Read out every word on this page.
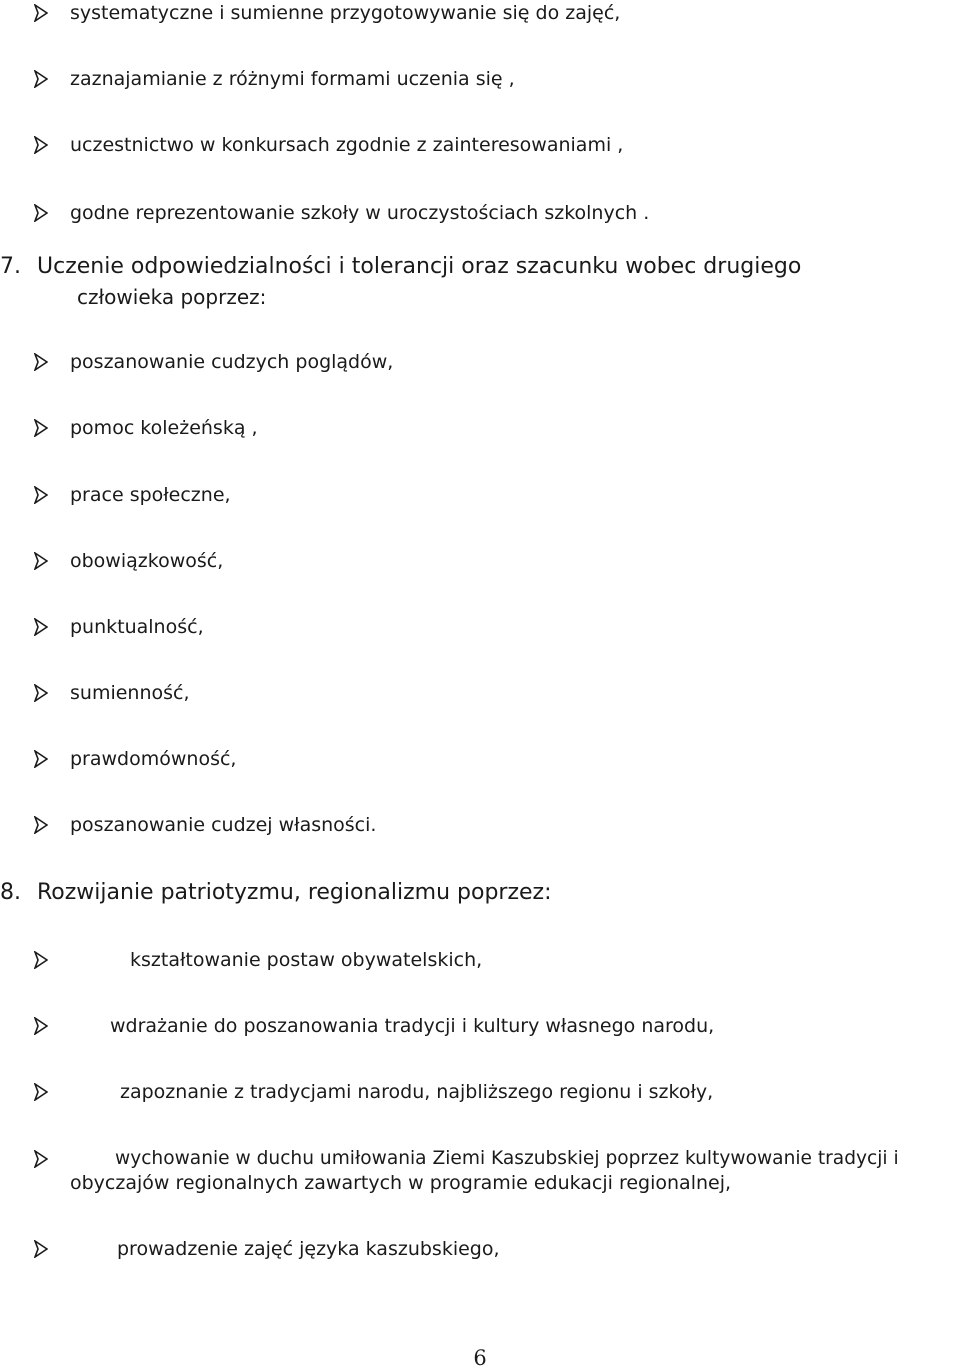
systematyczne i sumienne przygotowywanie się do zajęć,
zaznajamianie z różnymi formami uczenia się ,
uczestnictwo w konkursach zgodnie z zainteresowaniami ,
godne reprezentowanie szkoły w uroczystościach szkolnych .
7. Uczenie odpowiedzialności i tolerancji oraz szacunku wobec drugiego
człowieka poprzez:
poszanowanie cudzych poglądów,
pomoc koleżeńską ,
prace społeczne,
obowiązkowość,
punktualność,
sumienność,
prawdomówność,
poszanowanie cudzej własności.
8. Rozwijanie patriotyzmu, regionalizmu poprzez:
kształtowanie postaw obywatelskich,
wdrażanie do poszanowania tradycji i kultury własnego narodu,
zapoznanie z tradycjami narodu, najbliższego regionu i szkoły,
wychowanie w duchu umiłowania Ziemi Kaszubskiej poprzez kultywowanie tradycji i
obyczajów regionalnych zawartych w programie edukacji regionalnej,
prowadzenie zajęć języka kaszubskiego,
6
